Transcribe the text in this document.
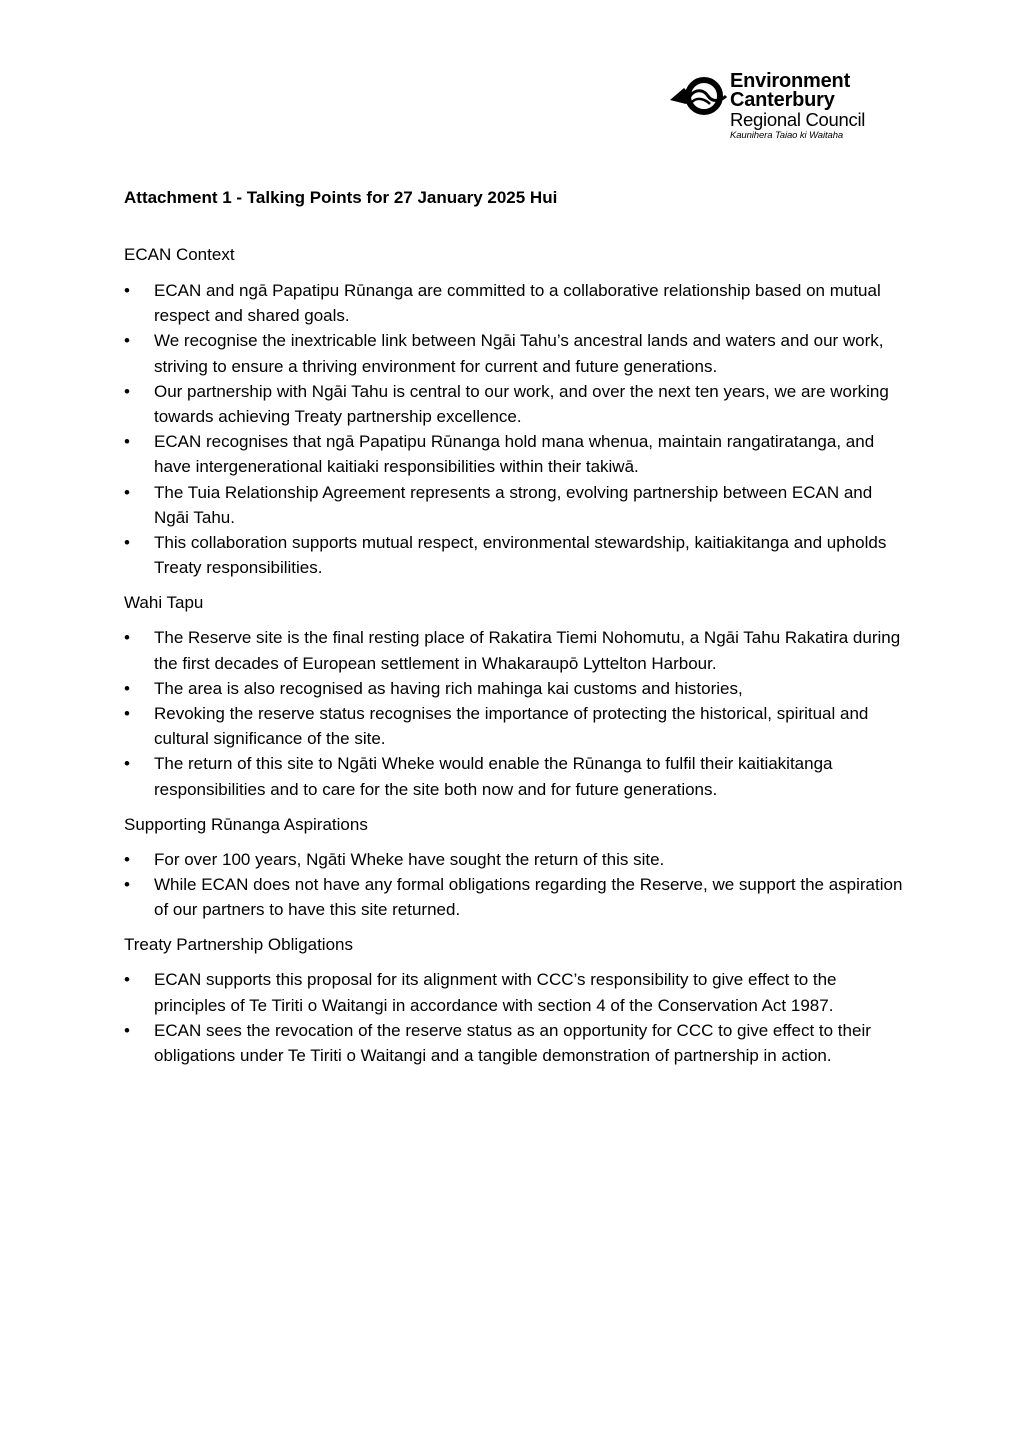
Environment
Canterbury
Regional Council
Kaunihera Taiao ki Waitaha

Attachment 1 - Talking Points for 27 January 2025 Hui

ECAN Context

• ECAN and ngā Papatipu Rūnanga are committed to a collaborative relationship based on mutual respect and shared goals.
• We recognise the inextricable link between Ngāi Tahu’s ancestral lands and waters and our work, striving to ensure a thriving environment for current and future generations.
• Our partnership with Ngāi Tahu is central to our work, and over the next ten years, we are working towards achieving Treaty partnership excellence.
• ECAN recognises that ngā Papatipu Rūnanga hold mana whenua, maintain rangatiratanga, and have intergenerational kaitiaki responsibilities within their takiwā.
• The Tuia Relationship Agreement represents a strong, evolving partnership between ECAN and Ngāi Tahu.
• This collaboration supports mutual respect, environmental stewardship, kaitiakitanga and upholds Treaty responsibilities.

Wahi Tapu

• The Reserve site is the final resting place of Rakatira Tiemi Nohomutu, a Ngāi Tahu Rakatira during the first decades of European settlement in Whakaraupō Lyttelton Harbour.
• The area is also recognised as having rich mahinga kai customs and histories,
• Revoking the reserve status recognises the importance of protecting the historical, spiritual and cultural significance of the site.
• The return of this site to Ngāti Wheke would enable the Rūnanga to fulfil their kaitiakitanga responsibilities and to care for the site both now and for future generations.

Supporting Rūnanga Aspirations

• For over 100 years, Ngāti Wheke have sought the return of this site.
• While ECAN does not have any formal obligations regarding the Reserve, we support the aspiration of our partners to have this site returned.

Treaty Partnership Obligations

• ECAN supports this proposal for its alignment with CCC’s responsibility to give effect to the principles of Te Tiriti o Waitangi in accordance with section 4 of the Conservation Act 1987.
• ECAN sees the revocation of the reserve status as an opportunity for CCC to give effect to their obligations under Te Tiriti o Waitangi and a tangible demonstration of partnership in action.
